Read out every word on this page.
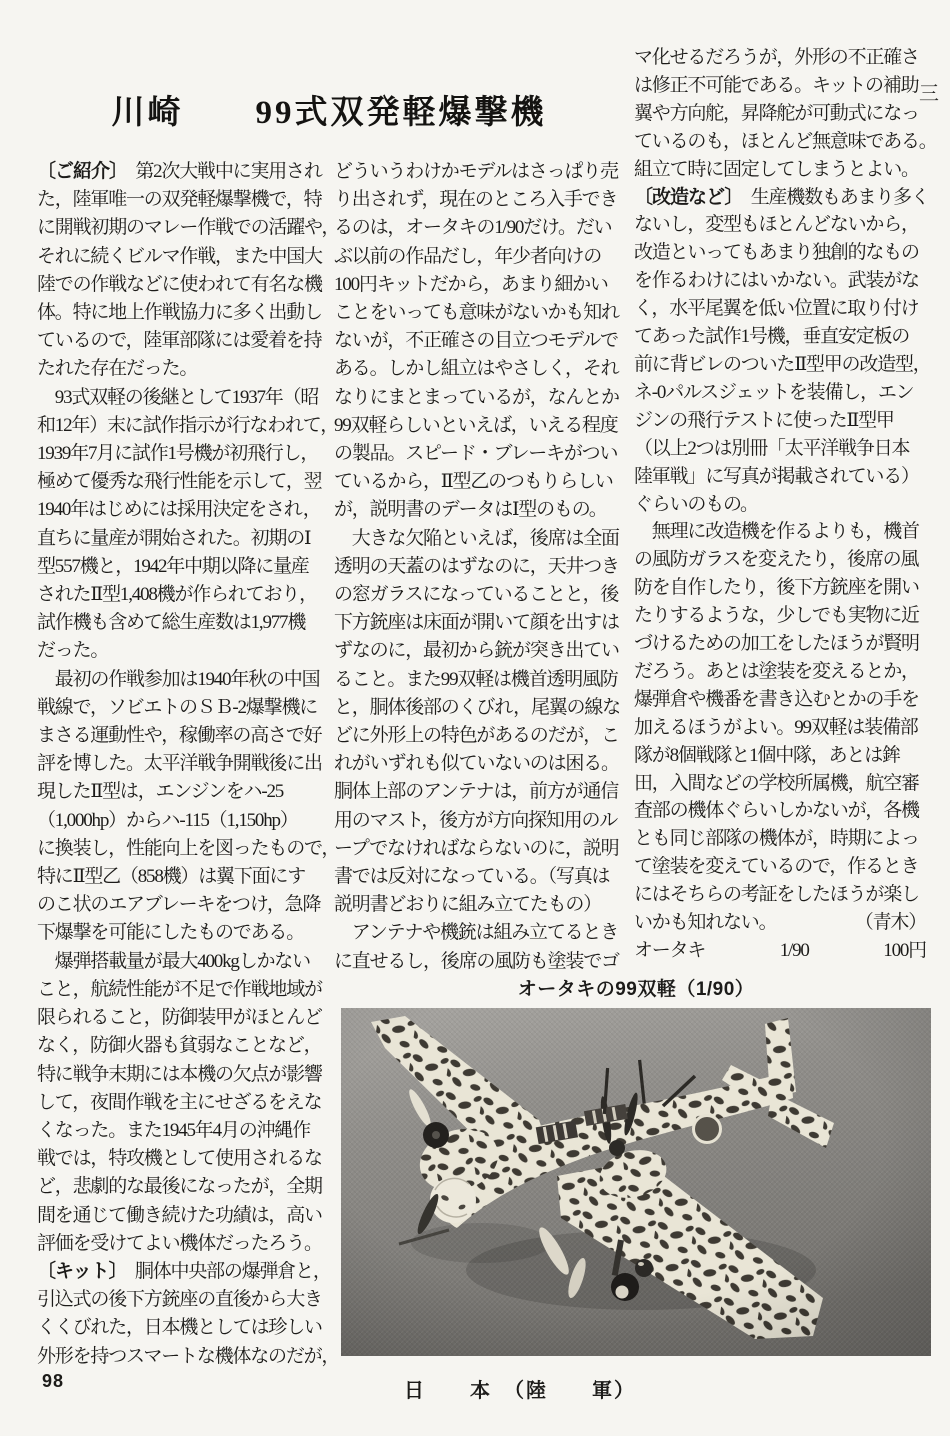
川崎　　99式双発軽爆撃機
三
〔ご紹介〕　第2次大戦中に実用され
た，陸軍唯一の双発軽爆撃機で，特
に開戦初期のマレー作戦での活躍や，
それに続くビルマ作戦，また中国大
陸での作戦などに使われて有名な機
体。特に地上作戦協力に多く出動し
ているので，陸軍部隊には愛着を持
たれた存在だった。
　93式双軽の後継として1937年（昭
和12年）末に試作指示が行なわれて，
1939年7月に試作1号機が初飛行し，
極めて優秀な飛行性能を示して，翌
1940年はじめには採用決定をされ，
直ちに量産が開始された。初期のⅠ
型557機と，1942年中期以降に量産
されたⅡ型1,408機が作られており，
試作機も含めて総生産数は1,977機
だった。
　最初の作戦参加は1940年秋の中国
戦線で，ソビエトのＳＢ-2爆撃機に
まさる運動性や，稼働率の高さで好
評を博した。太平洋戦争開戦後に出
現したⅡ型は，エンジンをハ-25
（1,000hp）からハ-115（1,150hp）
に換装し，性能向上を図ったもので，
特にⅡ型乙（858機）は翼下面にす
のこ状のエアブレーキをつけ，急降
下爆撃を可能にしたものである。
　爆弾搭載量が最大400kgしかない
こと，航続性能が不足で作戦地域が
限られること，防御装甲がほとんど
なく，防御火器も貧弱なことなど，
特に戦争末期には本機の欠点が影響
して，夜間作戦を主にせざるをえな
くなった。また1945年4月の沖縄作
戦では，特攻機として使用されるな
ど，悲劇的な最後になったが，全期
間を通じて働き続けた功績は，高い
評価を受けてよい機体だったろう。
〔キット〕　胴体中央部の爆弾倉と，
引込式の後下方銃座の直後から大き
くくびれた，日本機としては珍しい
外形を持つスマートな機体なのだが，
どういうわけかモデルはさっぱり売
り出されず，現在のところ入手でき
るのは，オータキの1/90だけ。だい
ぶ以前の作品だし，年少者向けの
100円キットだから，あまり細かい
ことをいっても意味がないかも知れ
ないが，不正確さの目立つモデルで
ある。しかし組立はやさしく，それ
なりにまとまっているが，なんとか
99双軽らしいといえば，いえる程度
の製品。スピード・ブレーキがつい
ているから，Ⅱ型乙のつもりらしい
が，説明書のデータはⅠ型のもの。
　大きな欠陥といえば，後席は全面
透明の天蓋のはずなのに，天井つき
の窓ガラスになっていることと，後
下方銃座は床面が開いて顔を出すは
ずなのに，最初から銃が突き出てい
ること。また99双軽は機首透明風防
と，胴体後部のくびれ，尾翼の線な
どに外形上の特色があるのだが，こ
れがいずれも似ていないのは困る。
胴体上部のアンテナは，前方が通信
用のマスト，後方が方向探知用のル
ープでなければならないのに，説明
書では反対になっている。（写真は
説明書どおりに組み立てたもの）
　アンテナや機銃は組み立てるとき
に直せるし，後席の風防も塗装でゴ
マ化せるだろうが，外形の不正確さ
は修正不可能である。キットの補助
翼や方向舵，昇降舵が可動式になっ
ているのも，ほとんど無意味である。
組立て時に固定してしまうとよい。
〔改造など〕　生産機数もあまり多く
ないし，変型もほとんどないから，
改造といってもあまり独創的なもの
を作るわけにはいかない。武装がな
く，水平尾翼を低い位置に取り付け
てあった試作1号機，垂直安定板の
前に背ビレのついたⅡ型甲の改造型，
ネ-0パルスジェットを装備し，エン
ジンの飛行テストに使ったⅡ型甲
（以上2つは別冊「太平洋戦争日本
陸軍戦」に写真が掲載されている）
ぐらいのもの。
　無理に改造機を作るよりも，機首
の風防ガラスを変えたり，後席の風
防を自作したり，後下方銃座を開い
たりするような，少しでも実物に近
づけるための加工をしたほうが賢明
だろう。あとは塗装を変えるとか，
爆弾倉や機番を書き込むとかの手を
加えるほうがよい。99双軽は装備部
隊が8個戦隊と1個中隊，あとは鉾
田，入間などの学校所属機，航空審
査部の機体ぐらいしかないが，各機
とも同じ部隊の機体が，時期によっ
て塗装を変えているので，作るとき
にはそちらの考証をしたほうが楽し
いかも知れない。	（青木）
オータキ	1/90	100円
オータキの99双軽（1/90）
日　　本　（陸　　軍）
98
